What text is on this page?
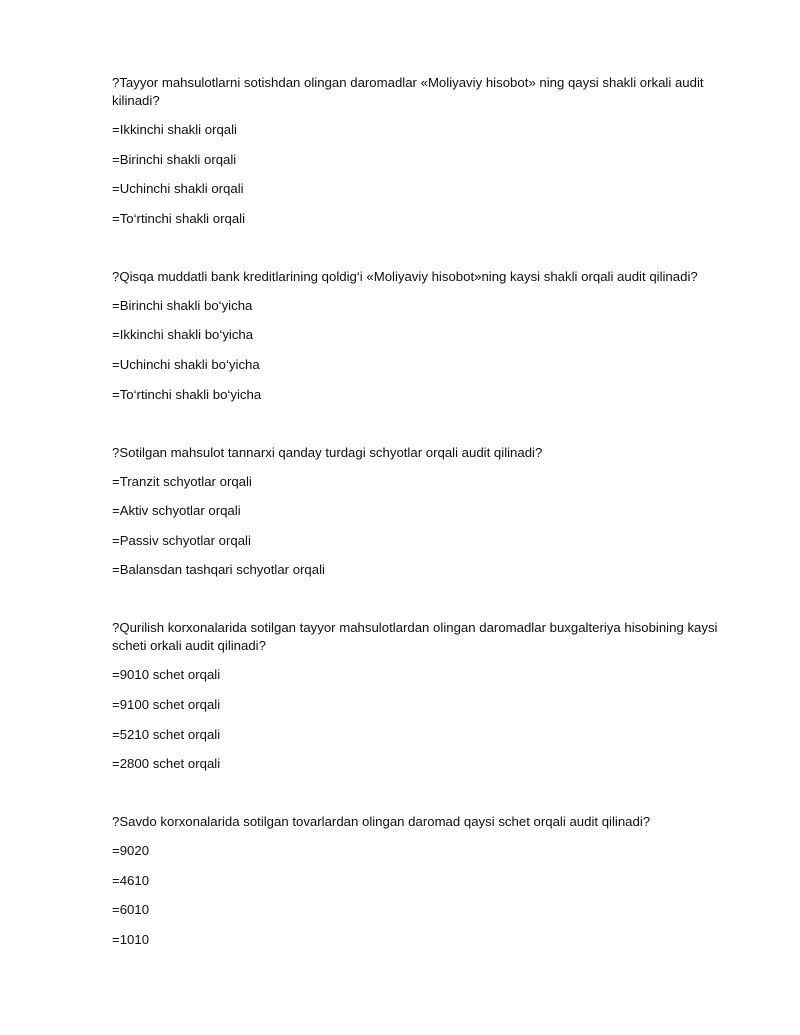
?Tayyor mahsulotlarni sotishdan olingan daromadlar «Moliyaviy hisobot» ning qaysi shakli orkali audit kilinadi?
=Ikkinchi shakli orqali
=Birinchi shakli orqali
=Uchinchi shakli orqali
=To‘rtinchi shakli orqali
?Qisqa muddatli bank kreditlarining qoldig‘i «Moliyaviy hisobot»ning kaysi shakli orqali audit qilinadi?
=Birinchi shakli bo‘yicha
=Ikkinchi shakli bo‘yicha
=Uchinchi shakli bo‘yicha
=To‘rtinchi shakli bo‘yicha
?Sotilgan mahsulot tannarxi qanday turdagi schyotlar orqali audit qilinadi?
=Tranzit schyotlar orqali
=Aktiv schyotlar orqali
=Passiv schyotlar orqali
=Balansdan tashqari schyotlar orqali
?Qurilish korxonalarida sotilgan tayyor mahsulotlardan olingan daromadlar buxgalteriya hisobining kaysi scheti orkali audit qilinadi?
=9010 schet orqali
=9100 schet orqali
=5210 schet orqali
=2800 schet orqali
?Savdo korxonalarida sotilgan tovarlardan olingan daromad qaysi schet orqali audit qilinadi?
=9020
=4610
=6010
=1010
